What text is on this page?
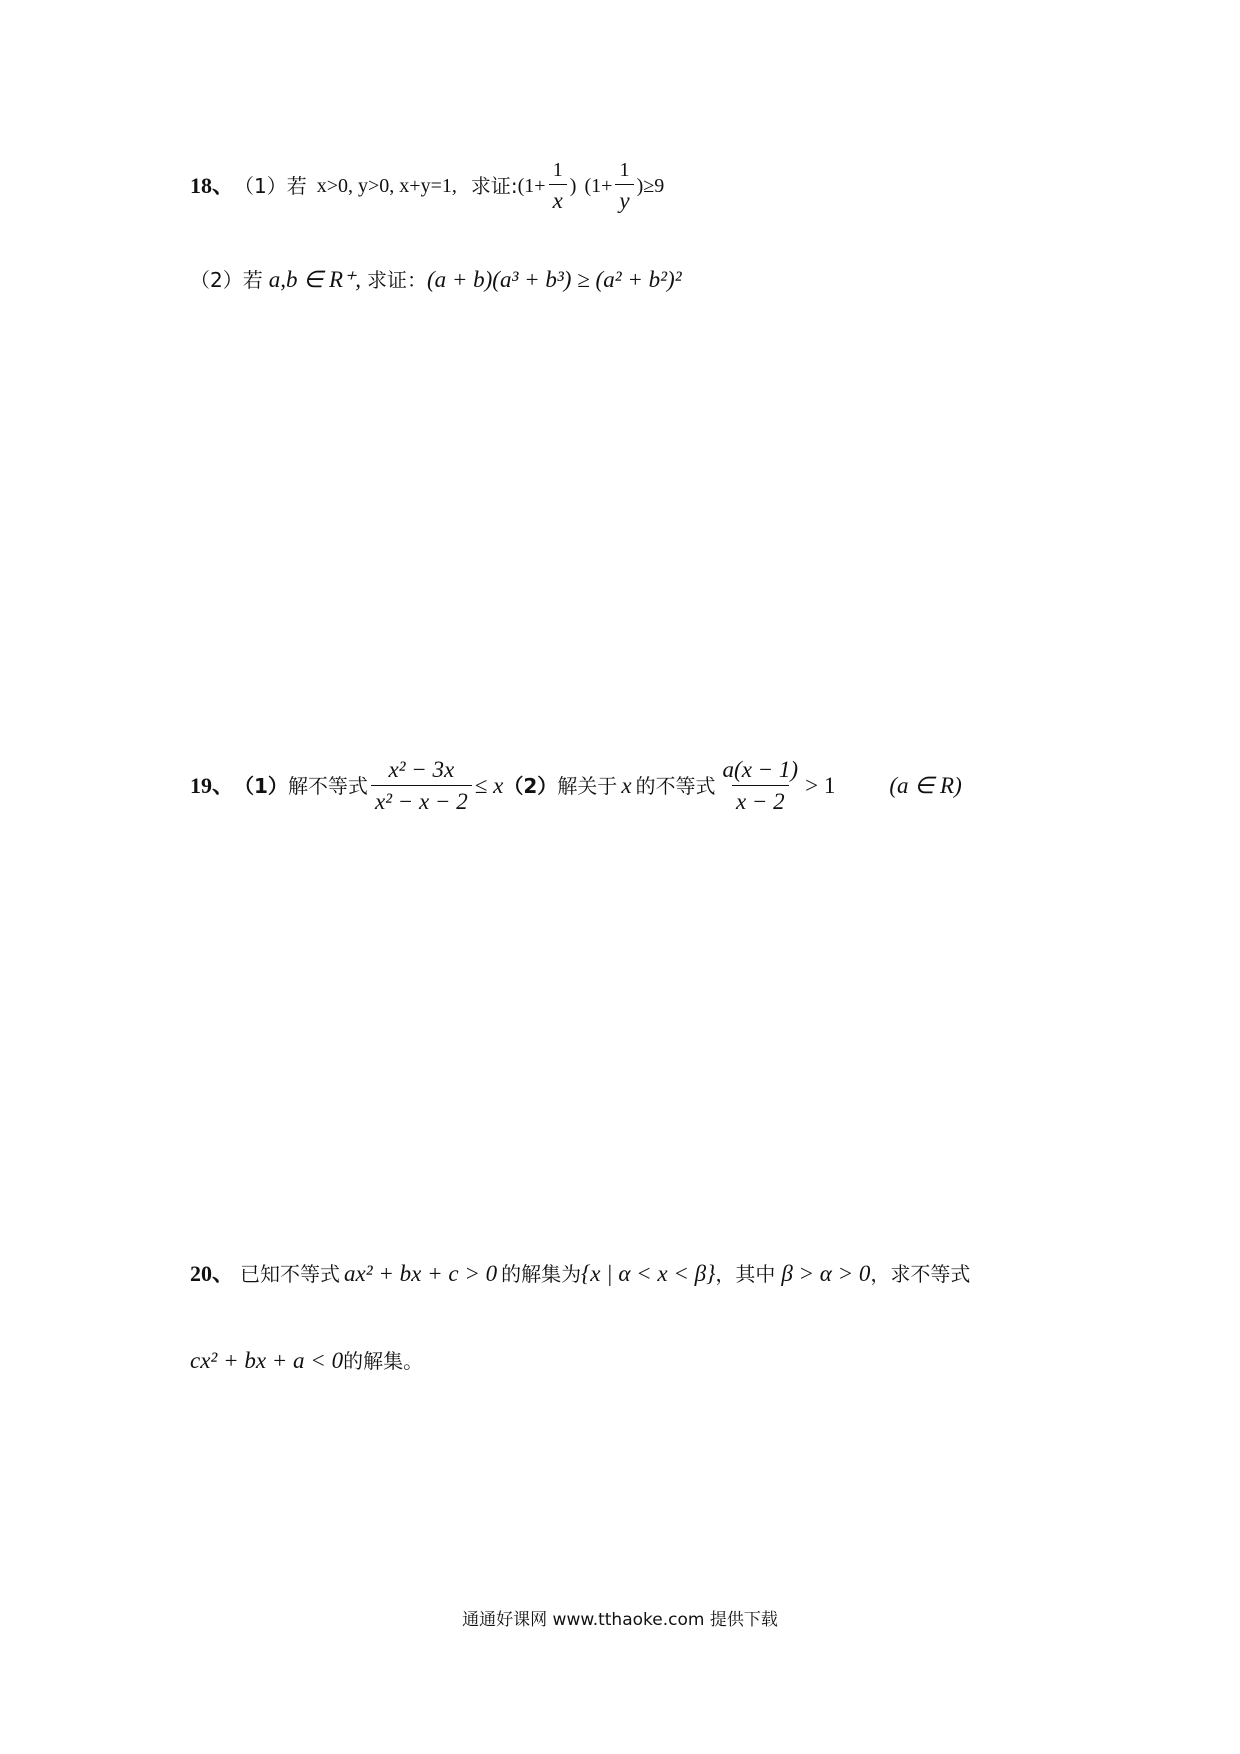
18、 （1） 若 x>0, y>0, x+y=1, 求证: ($1+ \frac{1}{x}$ ) ($1+ \frac{1}{y}$ ) ≥9
（2） 若 a,b ∈ R⁺, 求证： (a + b)(a³ + b³) ≥ (a² + b²)²
19、 （1） 解不等式 $\frac{\text{x² − 3x}}{\text{x² − x − 2}} \le x$ （2） 解关于 x 的不等式 $\frac{a(x - 1)}{x - 2} > 1$ (a ∈ R)
20、 已知不等式 ax² + bx + c > 0 的解集为 {x | α < x < β} ，其中 β > α > 0 ，求不等式
cx² + bx + a < 0 的解集。
通通好课网 www.tthaoke.com 提供下载
